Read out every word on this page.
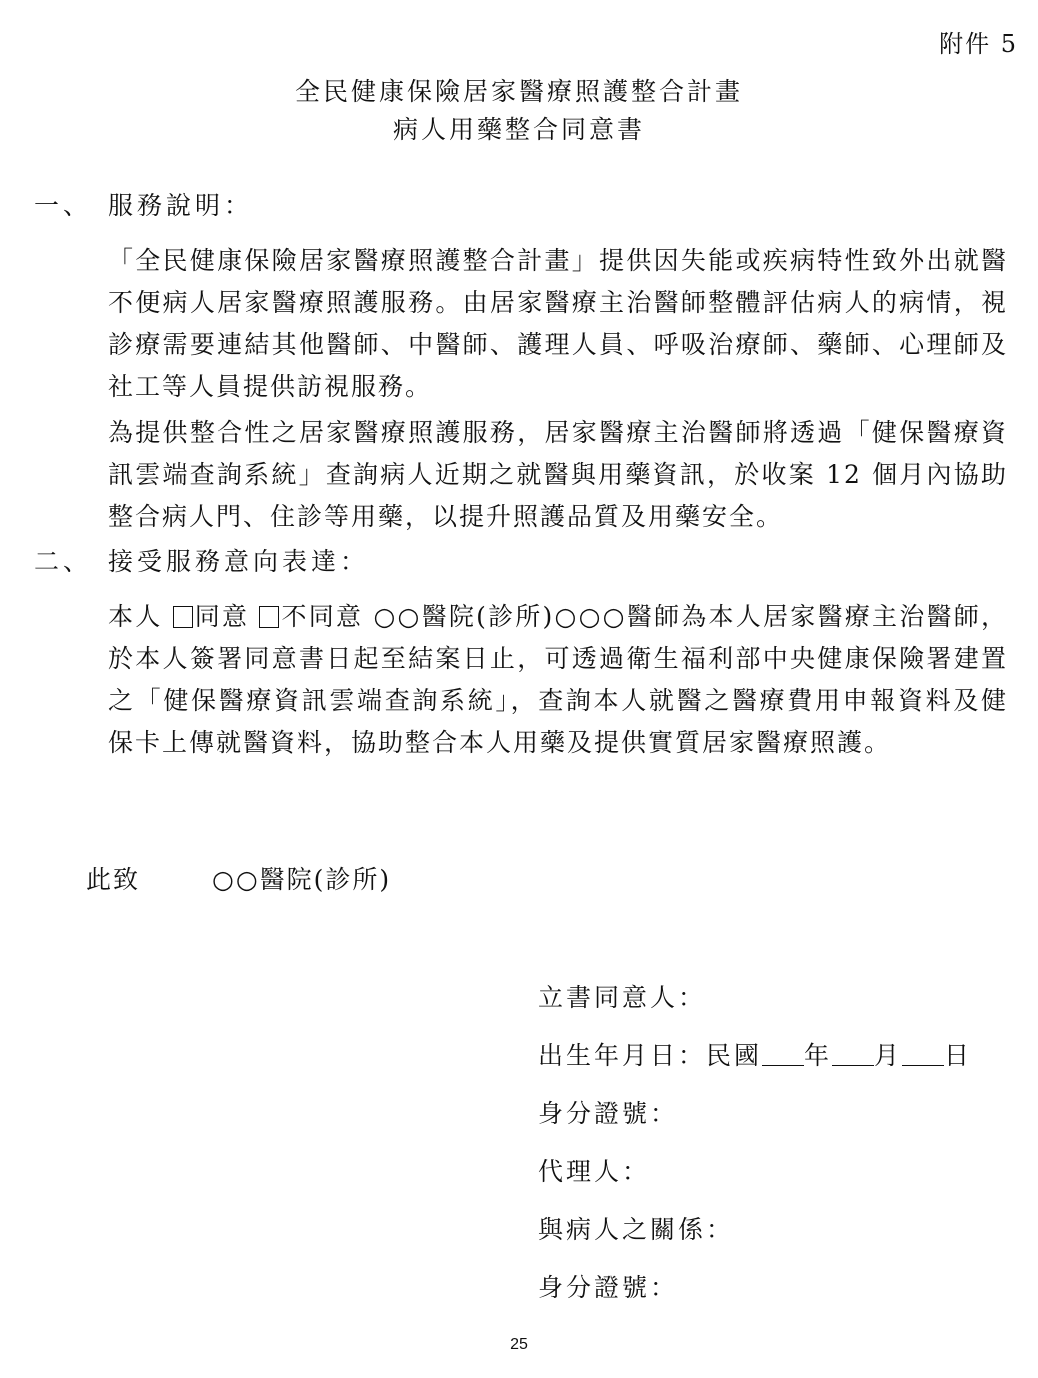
附件 5
全民健康保險居家醫療照護整合計畫
病人用藥整合同意書
一、 服務說明：
「全民健康保險居家醫療照護整合計畫」提供因失能或疾病特性致外出就醫不便病人居家醫療照護服務。由居家醫療主治醫師整體評估病人的病情，視診療需要連結其他醫師、中醫師、護理人員、呼吸治療師、藥師、心理師及社工等人員提供訪視服務。
為提供整合性之居家醫療照護服務，居家醫療主治醫師將透過「健保醫療資訊雲端查詢系統」查詢病人近期之就醫與用藥資訊，於收案 12 個月內協助整合病人門、住診等用藥，以提升照護品質及用藥安全。
二、 接受服務意向表達：
本人 同意 不同意 ○○醫院(診所)○○○醫師為本人居家醫療主治醫師，於本人簽署同意書日起至結案日止，可透過衛生福利部中央健康保險署建置之「健保醫療資訊雲端查詢系統」，查詢本人就醫之醫療費用申報資料及健保卡上傳就醫資料，協助整合本人用藥及提供實質居家醫療照護。
此致	○○醫院(診所)
立書同意人：
出生年月日：民國 年 月 日
身分證號：
代理人：
與病人之關係：
身分證號：
25
